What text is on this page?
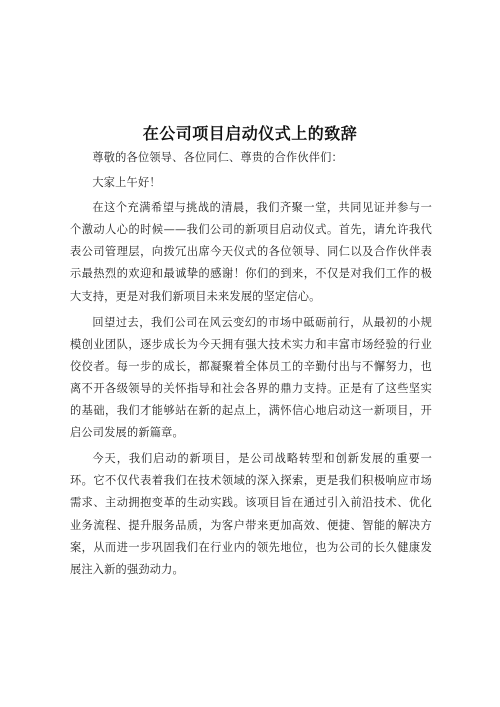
在公司项目启动仪式上的致辞

尊敬的各位领导、各位同仁、尊贵的合作伙伴们：

大家上午好！

在这个充满希望与挑战的清晨，我们齐聚一堂，共同见证并参与一个激动人心的时候——我们公司的新项目启动仪式。首先，请允许我代表公司管理层，向拨冗出席今天仪式的各位领导、同仁以及合作伙伴表示最热烈的欢迎和最诚挚的感谢！你们的到来，不仅是对我们工作的极大支持，更是对我们新项目未来发展的坚定信心。

回望过去，我们公司在风云变幻的市场中砥砺前行，从最初的小规模创业团队，逐步成长为今天拥有强大技术实力和丰富市场经验的行业佼佼者。每一步的成长，都凝聚着全体员工的辛勤付出与不懈努力，也离不开各级领导的关怀指导和社会各界的鼎力支持。正是有了这些坚实的基础，我们才能够站在新的起点上，满怀信心地启动这一新项目，开启公司发展的新篇章。

今天，我们启动的新项目，是公司战略转型和创新发展的重要一环。它不仅代表着我们在技术领域的深入探索，更是我们积极响应市场需求、主动拥抱变革的生动实践。该项目旨在通过引入前沿技术、优化业务流程、提升服务品质，为客户带来更加高效、便捷、智能的解决方案，从而进一步巩固我们在行业内的领先地位，也为公司的长久健康发展注入新的强劲动力。
